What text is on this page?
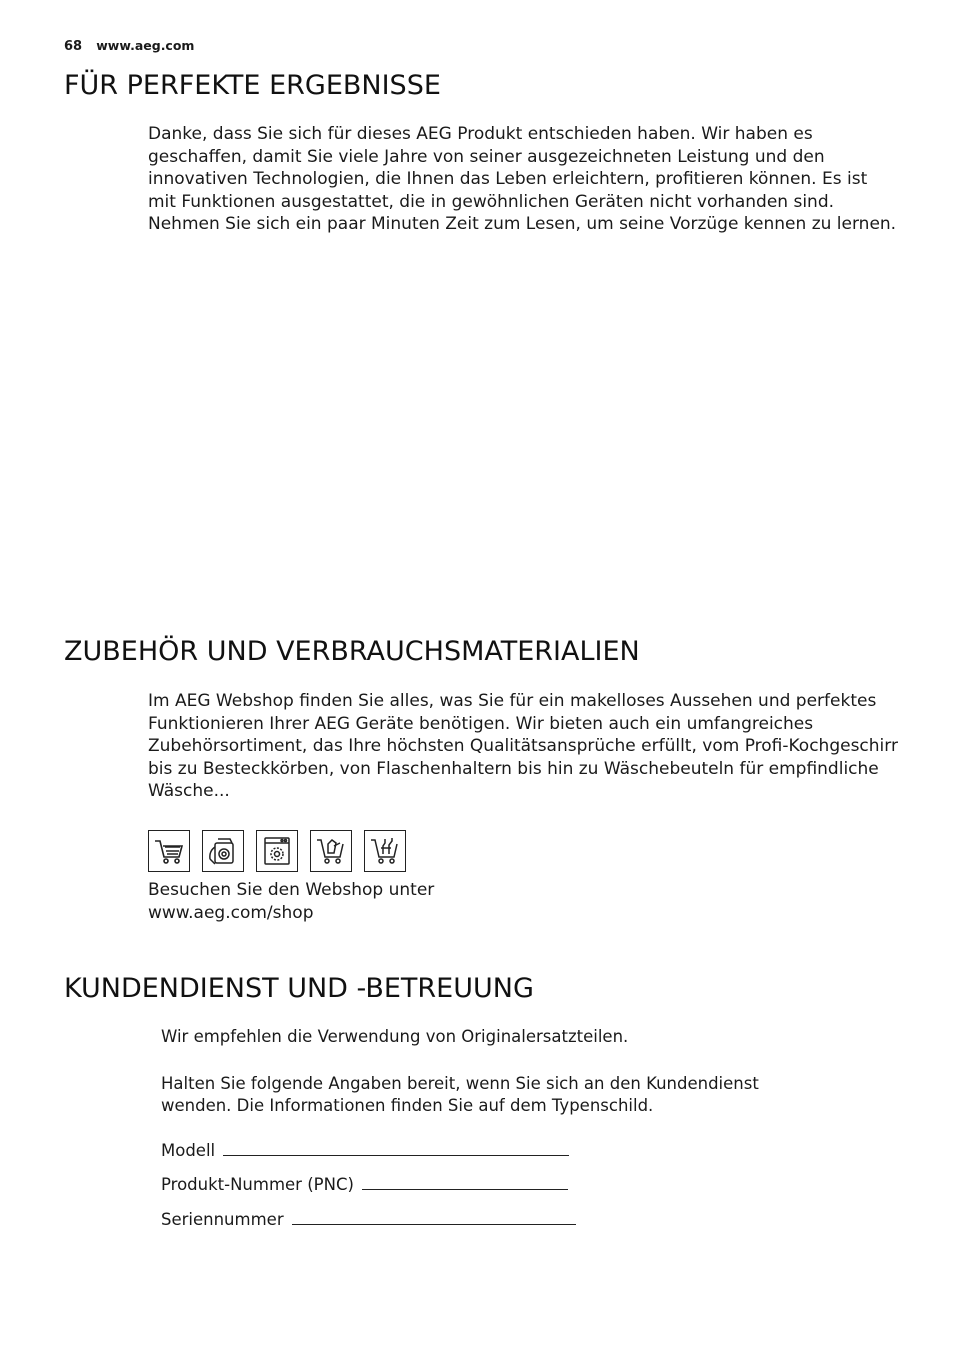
68 www.aeg.com
FÜR PERFEKTE ERGEBNISSE
Danke, dass Sie sich für dieses AEG Produkt entschieden haben. Wir haben es geschaffen, damit Sie viele Jahre von seiner ausgezeichneten Leistung und den innovativen Technologien, die Ihnen das Leben erleichtern, profitieren können. Es ist mit Funktionen ausgestattet, die in gewöhnlichen Geräten nicht vorhanden sind. Nehmen Sie sich ein paar Minuten Zeit zum Lesen, um seine Vorzüge kennen zu lernen.
ZUBEHÖR UND VERBRAUCHSMATERIALIEN
Im AEG Webshop finden Sie alles, was Sie für ein makelloses Aussehen und perfektes Funktionieren Ihrer AEG Geräte benötigen. Wir bieten auch ein umfangreiches Zubehörsortiment, das Ihre höchsten Qualitätsansprüche erfüllt, vom Profi-Kochgeschirr bis zu Besteckkörben, von Flaschenhaltern bis hin zu Wäschebeuteln für empfindliche Wäsche...
Besuchen Sie den Webshop unter
www.aeg.com/shop
KUNDENDIENST UND -BETREUUNG
Wir empfehlen die Verwendung von Originalersatzteilen.
Halten Sie folgende Angaben bereit, wenn Sie sich an den Kundendienst wenden. Die Informationen finden Sie auf dem Typenschild.
Modell
Produkt-Nummer (PNC)
Seriennummer
